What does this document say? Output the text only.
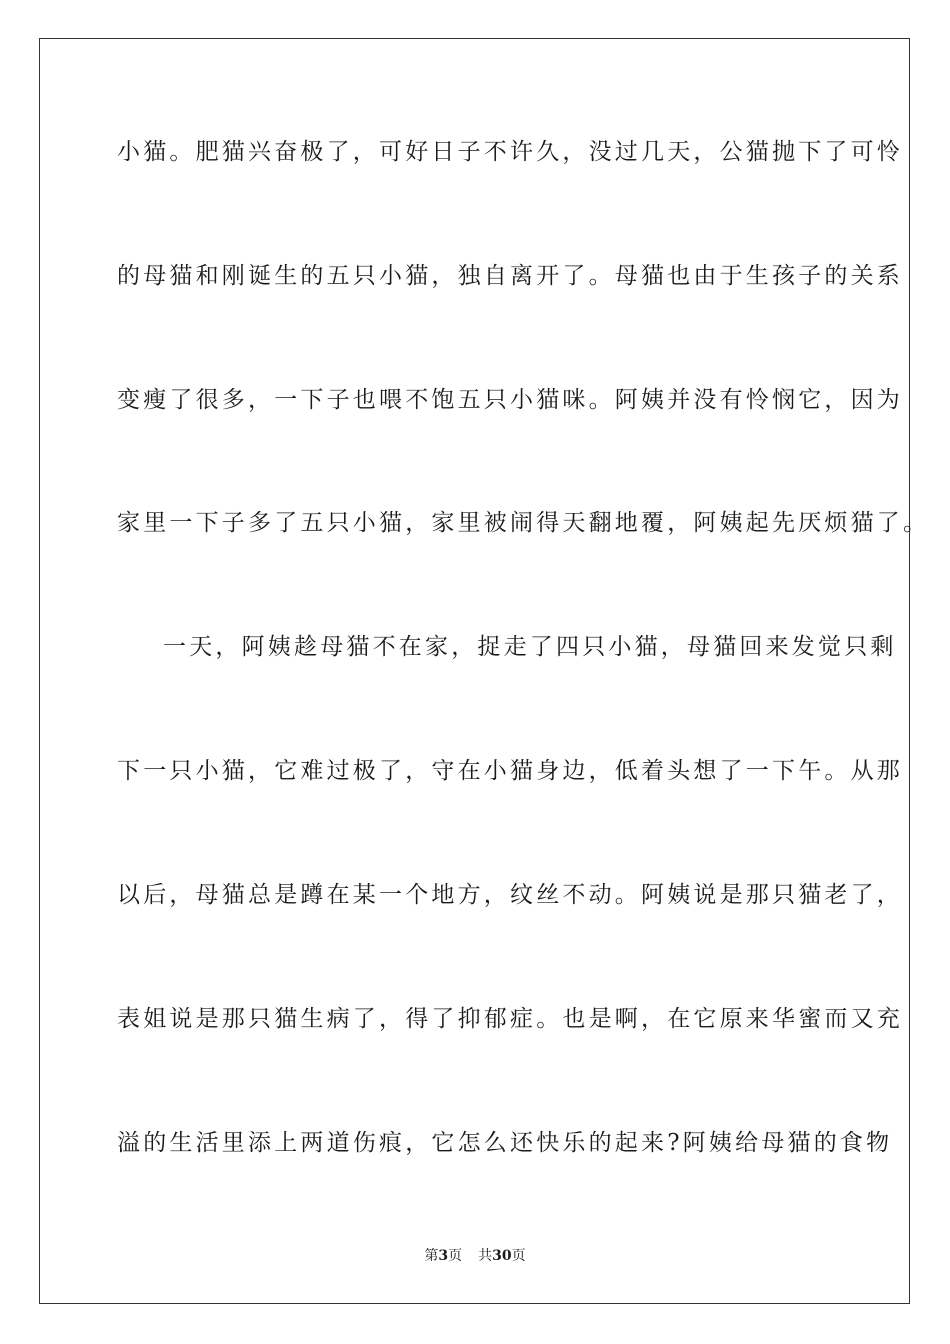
小猫。肥猫兴奋极了，可好日子不许久，没过几天，公猫抛下了可怜
的母猫和刚诞生的五只小猫，独自离开了。母猫也由于生孩子的关系
变瘦了很多，一下子也喂不饱五只小猫咪。阿姨并没有怜悯它，因为
家里一下子多了五只小猫，家里被闹得天翻地覆，阿姨起先厌烦猫了。
一天，阿姨趁母猫不在家，捉走了四只小猫，母猫回来发觉只剩
下一只小猫，它难过极了，守在小猫身边，低着头想了一下午。从那
以后，母猫总是蹲在某一个地方，纹丝不动。阿姨说是那只猫老了，
表姐说是那只猫生病了，得了抑郁症。也是啊，在它原来华蜜而又充
溢的生活里添上两道伤痕，它怎么还快乐的起来?阿姨给母猫的食物
第3页 共30页
